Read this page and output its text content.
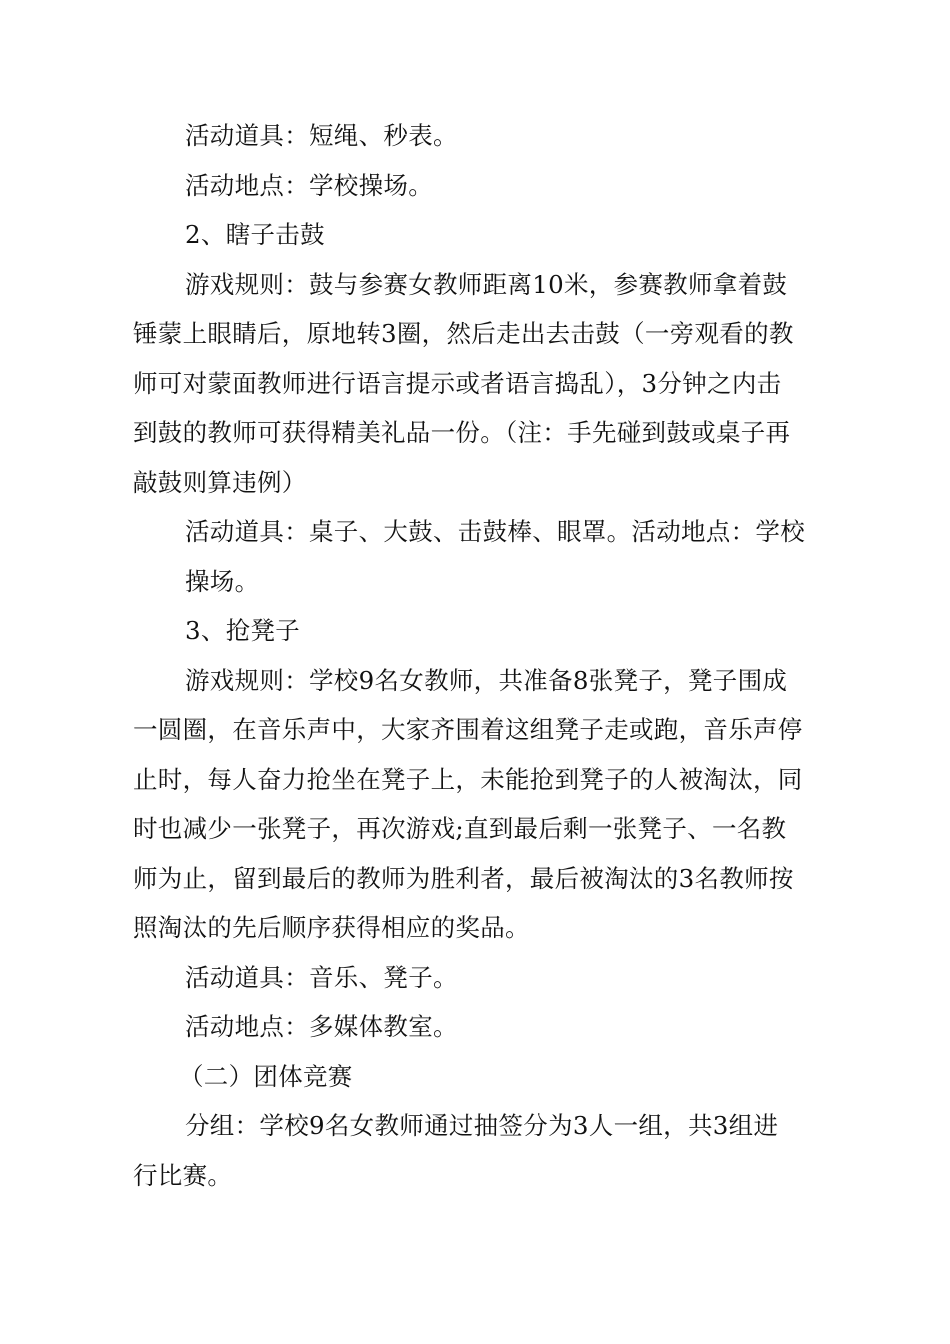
活动道具：短绳、秒表。
活动地点：学校操场。
2、瞎子击鼓
游戏规则：鼓与参赛女教师距离10米，参赛教师拿着鼓
锤蒙上眼睛后，原地转3圈，然后走出去击鼓（一旁观看的教
师可对蒙面教师进行语言提示或者语言捣乱），3分钟之内击
到鼓的教师可获得精美礼品一份。（注：手先碰到鼓或桌子再
敲鼓则算违例）
活动道具：桌子、大鼓、击鼓棒、眼罩。活动地点：学校
操场。
3、抢凳子
游戏规则：学校9名女教师，共准备8张凳子，凳子围成
一圆圈，在音乐声中，大家齐围着这组凳子走或跑，音乐声停
止时，每人奋力抢坐在凳子上，未能抢到凳子的人被淘汰，同
时也减少一张凳子，再次游戏;直到最后剩一张凳子、一名教
师为止，留到最后的教师为胜利者，最后被淘汰的3名教师按
照淘汰的先后顺序获得相应的奖品。
活动道具：音乐、凳子。
活动地点：多媒体教室。
（二）团体竞赛
分组：学校9名女教师通过抽签分为3人一组，共3组进
行比赛。
